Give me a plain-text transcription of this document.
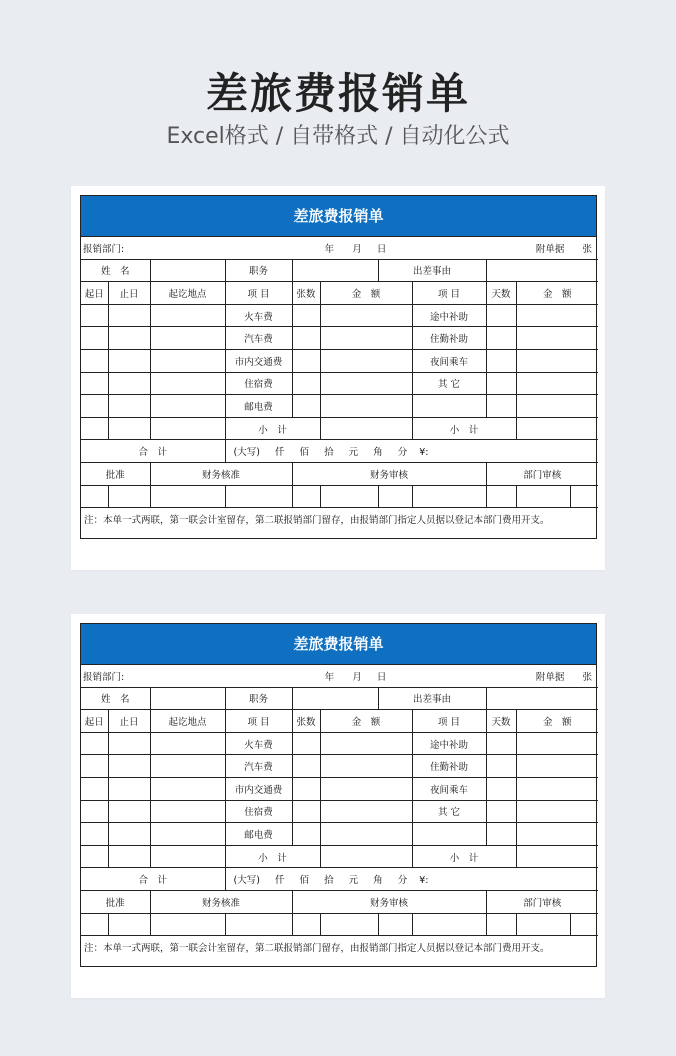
差旅费报销单
Excel格式 / 自带格式 / 自动化公式
差旅费报销单
报销部门:			年 月 日					附单据 张		
姓　名			职务			出差事由				
起日	止日	起讫地点	项 目	张数	金　额		项 目	天数	金　额	
			火车费				途中补助			
			汽车费				住勤补助			
			市内交通费				夜间乘车			
			住宿费				其 它			
			邮电费							
			小　计				小　计			
合　计			(大写) 仟 佰 拾 元 角 分 ¥:							
批准		财务核准		财务审核				部门审核		

注：本单一式两联，第一联会计室留存，第二联报销部门留存，由报销部门指定人员据以登记本部门费用开支。										
差旅费报销单
报销部门:			年 月 日					附单据 张		
姓　名			职务			出差事由				
起日	止日	起讫地点	项 目	张数	金　额		项 目	天数	金　额	
			火车费				途中补助			
			汽车费				住勤补助			
			市内交通费				夜间乘车			
			住宿费				其 它			
			邮电费							
			小　计				小　计			
合　计			(大写) 仟 佰 拾 元 角 分 ¥:							
批准		财务核准		财务审核				部门审核		

注：本单一式两联，第一联会计室留存，第二联报销部门留存，由报销部门指定人员据以登记本部门费用开支。										
